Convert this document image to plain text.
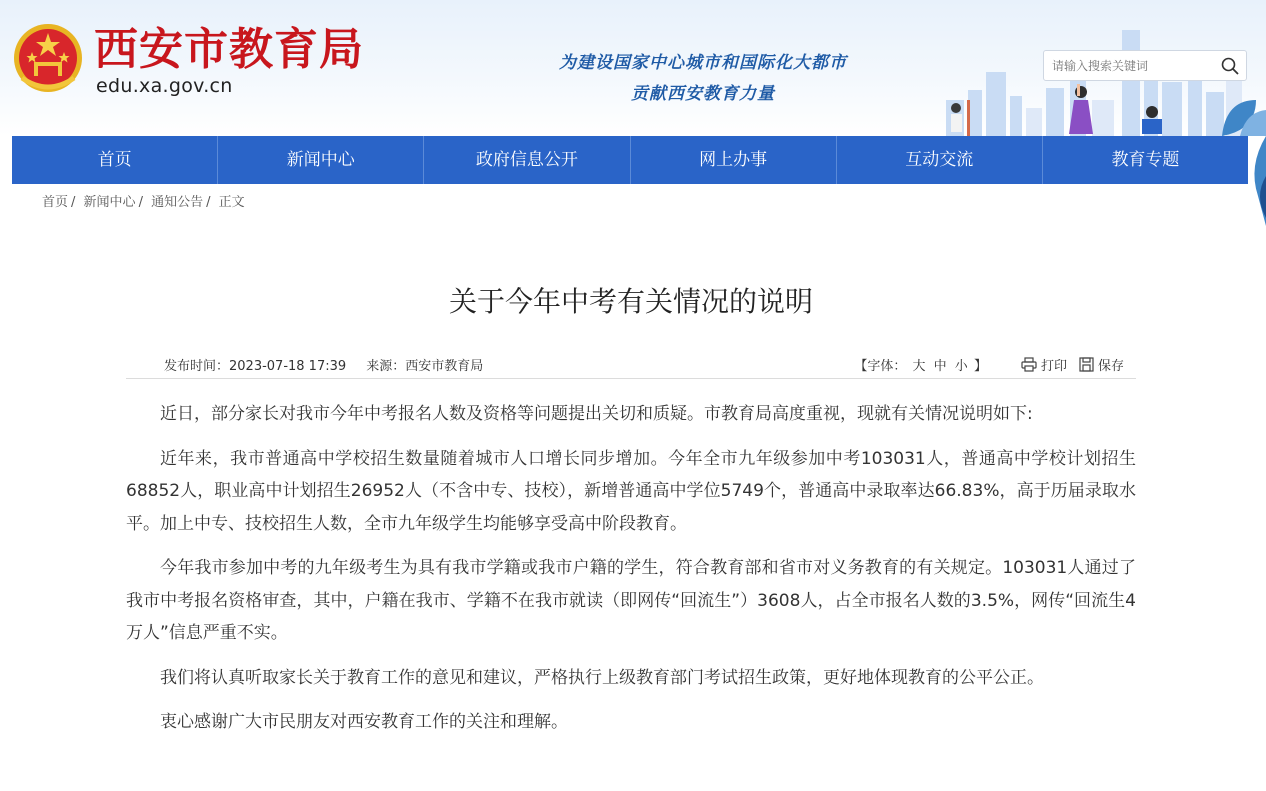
西安市教育局
edu.xa.gov.cn
为建设国家中心城市和国际化大都市
贡献西安教育力量
请输入搜索关键词
首页	新闻中心	政府信息公开	网上办事	互动交流	教育专题
首页 / 新闻中心 / 通知公告 / 正文
关于今年中考有关情况的说明
发布时间：2023-07-18 17:39 来源：西安市教育局	【字体： 大 中 小 】	打印 保存

近日，部分家长对我市今年中考报名人数及资格等问题提出关切和质疑。市教育局高度重视，现就有关情况说明如下:

近年来，我市普通高中学校招生数量随着城市人口增长同步增加。今年全市九年级参加中考103031人，普通高中学校计划招生68852人，职业高中计划招生26952人（不含中专、技校），新增普通高中学位5749个，普通高中录取率达66.83%，高于历届录取水平。加上中专、技校招生人数，全市九年级学生均能够享受高中阶段教育。

今年我市参加中考的九年级考生为具有我市学籍或我市户籍的学生，符合教育部和省市对义务教育的有关规定。103031人通过了我市中考报名资格审查，其中，户籍在我市、学籍不在我市就读（即网传“回流生”）3608人，占全市报名人数的3.5%，网传“回流生4万人”信息严重不实。

我们将认真听取家长关于教育工作的意见和建议，严格执行上级教育部门考试招生政策，更好地体现教育的公平公正。

衷心感谢广大市民朋友对西安教育工作的关注和理解。
